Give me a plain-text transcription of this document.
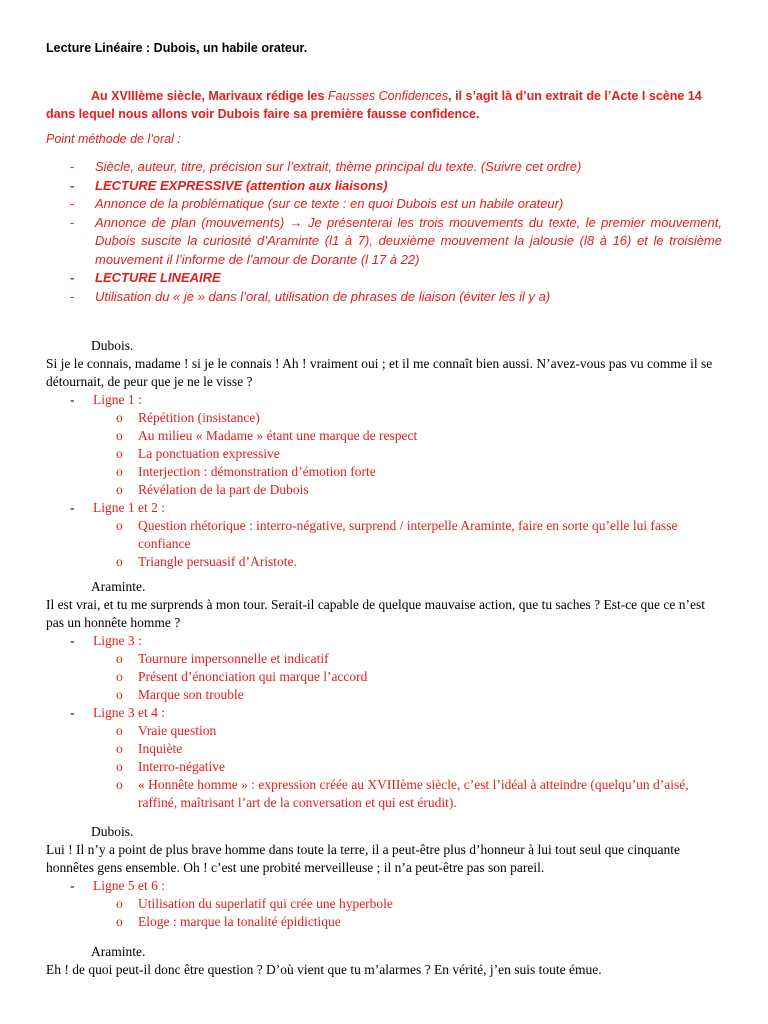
Lecture Linéaire : Dubois, un habile orateur.

Au XVIIIème siècle, Marivaux rédige les Fausses Confidences, il s’agit là d’un extrait de l’Acte I scène 14 dans lequel nous allons voir Dubois faire sa première fausse confidence.

Point méthode de l’oral :
- Siècle, auteur, titre, précision sur l’extrait, thème principal du texte. (Suivre cet ordre)
- LECTURE EXPRESSIVE (attention aux liaisons)
- Annonce de la problématique (sur ce texte : en quoi Dubois est un habile orateur)
- Annonce de plan (mouvements) → Je présenterai les trois mouvements du texte, le premier mouvement, Dubois suscite la curiosité d’Araminte (l1 à 7), deuxième mouvement la jalousie (l8 à 16) et le troisième mouvement il l’informe de l’amour de Dorante (l 17 à 22)
- LECTURE LINEAIRE
- Utilisation du « je » dans l’oral, utilisation de phrases de liaison (éviter les il y a)
Dubois.

Si je le connais, madame ! si je le connais ! Ah ! vraiment oui ; et il me connaît bien aussi. N’avez-vous pas vu comme il se détournait, de peur que je ne le visse ?

- Ligne 1 :
o Répétition (insistance)
o Au milieu « Madame » étant une marque de respect
o La ponctuation expressive
o Interjection : démonstration d’émotion forte
o Révélation de la part de Dubois
- Ligne 1 et 2 :
o Question rhétorique : interro-négative, surprend / interpelle Araminte, faire en sorte qu’elle lui fasse confiance
o Triangle persuasif d’Aristote.
Araminte.

Il est vrai, et tu me surprends à mon tour. Serait-il capable de quelque mauvaise action, que tu saches ? Est-ce que ce n’est pas un honnête homme ?

- Ligne 3 :
o Tournure impersonnelle et indicatif
o Présent d’énonciation qui marque l’accord
o Marque son trouble
- Ligne 3 et 4 :
o Vraie question
o Inquiète
o Interro-négative
o « Honnête homme » : expression créée au XVIIIème siècle, c’est l’idéal à atteindre (quelqu’un d’aisé, raffiné, maîtrisant l’art de la conversation et qui est érudit).
Dubois.

Lui ! Il n’y a point de plus brave homme dans toute la terre, il a peut-être plus d’honneur à lui tout seul que cinquante honnêtes gens ensemble. Oh ! c’est une probité merveilleuse ; il n’a peut-être pas son pareil.

- Ligne 5 et 6 :
o Utilisation du superlatif qui crée une hyperbole
o Eloge : marque la tonalité épidictique
Araminte.

Eh ! de quoi peut-il donc être question ? D’où vient que tu m’alarmes ? En vérité, j’en suis toute émue.
